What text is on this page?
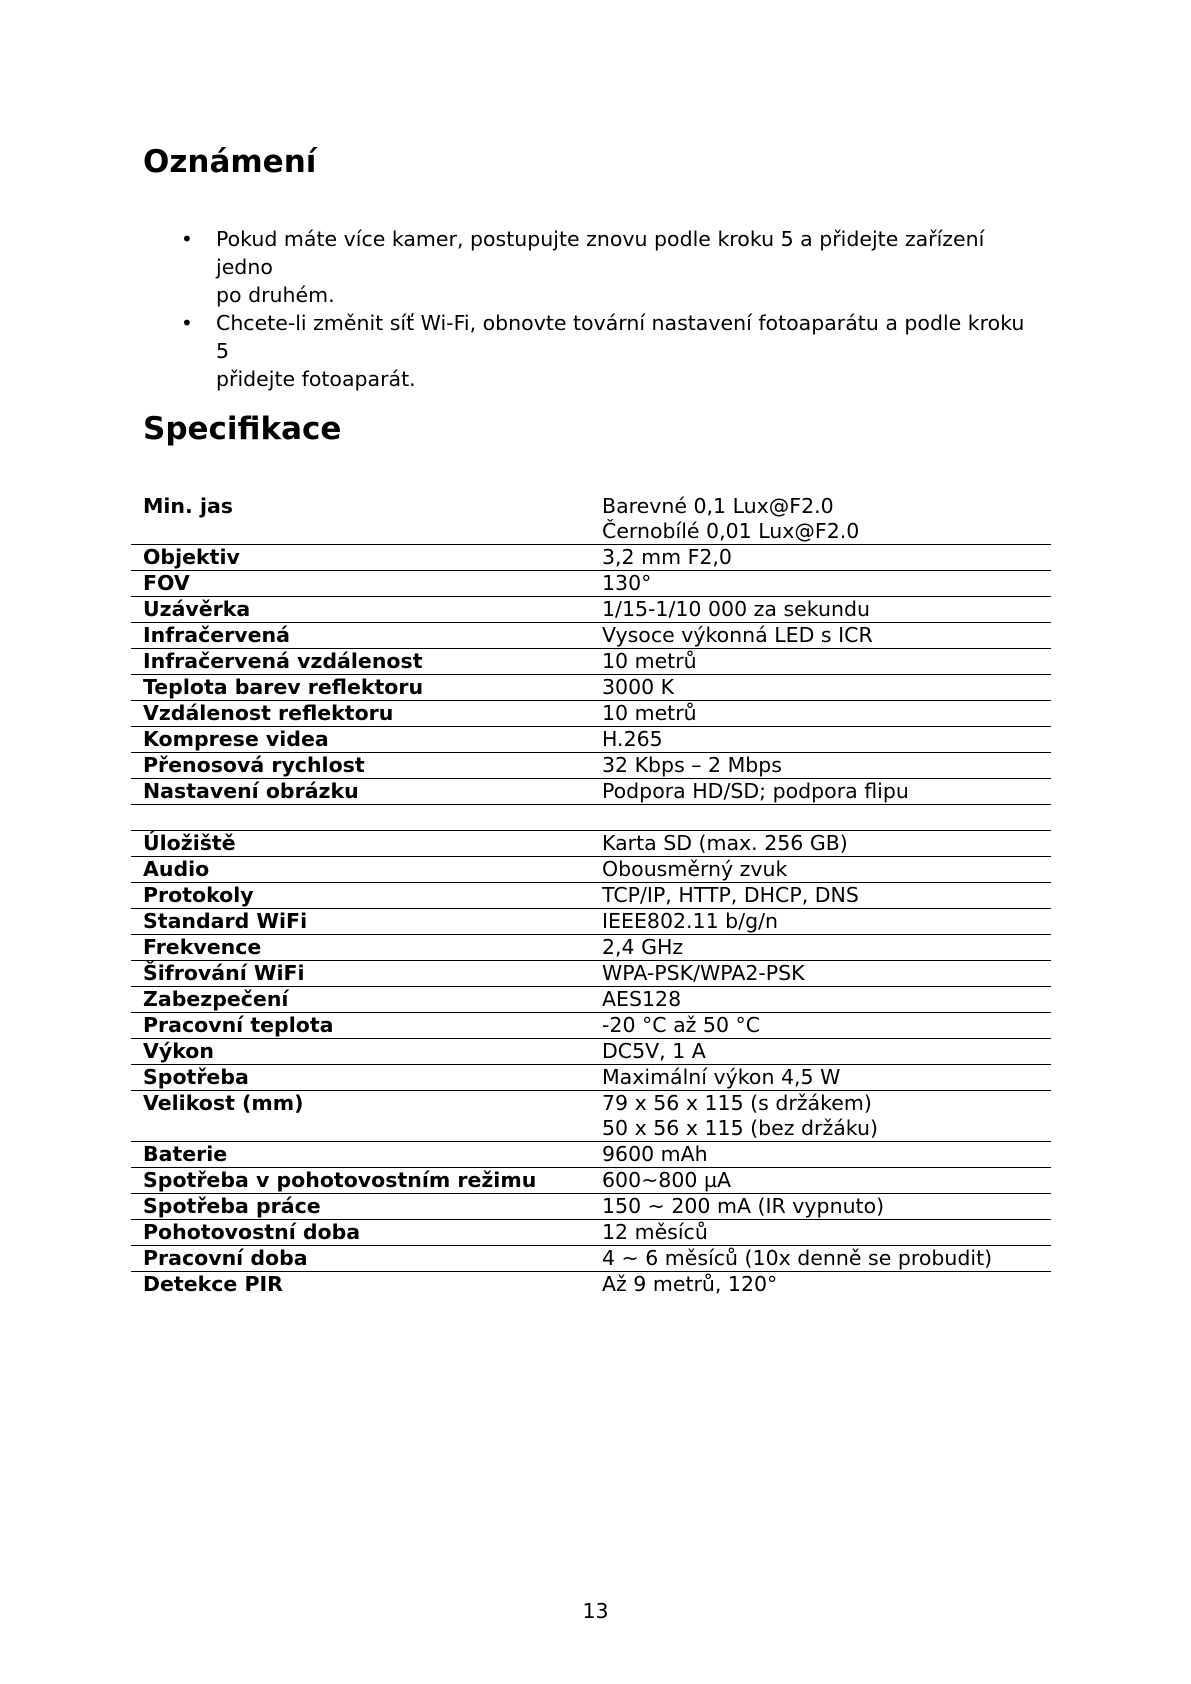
Oznámení
• Pokud máte více kamer, postupujte znovu podle kroku 5 a přidejte zařízení jedno
po druhém.
• Chcete-li změnit síť Wi-Fi, obnovte tovární nastavení fotoaparátu a podle kroku 5
přidejte fotoaparát.
Specifikace
Min. jas	Barevné 0,1 Lux@F2.0
Černobílé 0,01 Lux@F2.0

Objektiv	3,2 mm F2,0

FOV	130°

Uzávěrka	1/15-1/10 000 za sekundu

Infračervená	Vysoce výkonná LED s ICR

Infračervená vzdálenost	10 metrů

Teplota barev reflektoru	3000 K

Vzdálenost reflektoru	10 metrů

Komprese videa	H.265

Přenosová rychlost	32 Kbps – 2 Mbps

Nastavení obrázku	Podpora HD/SD; podpora flipu

Úložiště	Karta SD (max. 256 GB)

Audio	Obousměrný zvuk

Protokoly	TCP/IP, HTTP, DHCP, DNS

Standard WiFi	IEEE802.11 b/g/n

Frekvence	2,4 GHz

Šifrování WiFi	WPA-PSK/WPA2-PSK

Zabezpečení	AES128

Pracovní teplota	-20 °C až 50 °C

Výkon	DC5V, 1 A

Spotřeba	Maximální výkon 4,5 W

Velikost (mm)	79 x 56 x 115 (s držákem)
50 x 56 x 115 (bez držáku)

Baterie	9600 mAh

Spotřeba v pohotovostním režimu	600~800 µA

Spotřeba práce	150 ~ 200 mA (IR vypnuto)

Pohotovostní doba	12 měsíců

Pracovní doba	4 ~ 6 měsíců (10x denně se probudit)

Detekce PIR	Až 9 metrů, 120°
13
